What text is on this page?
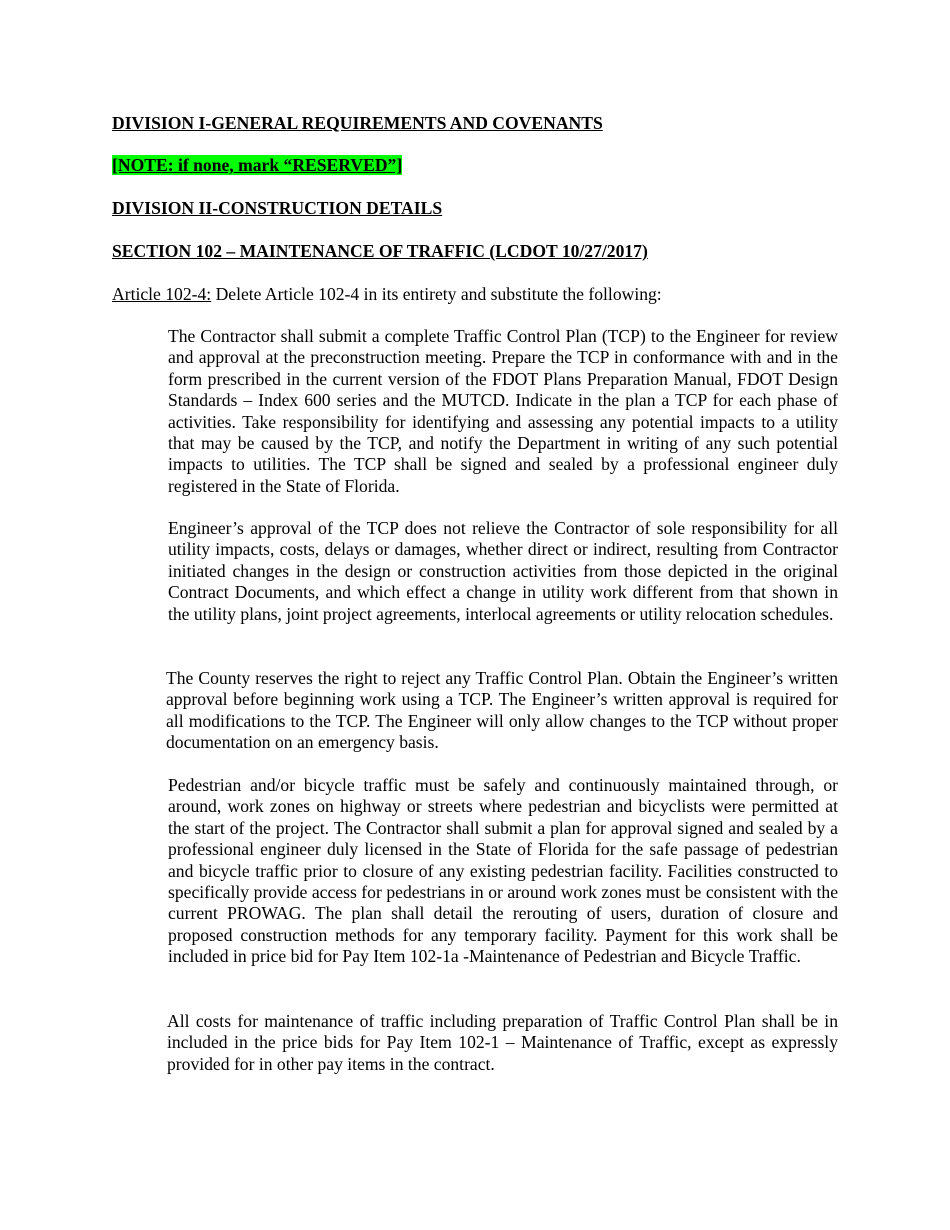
DIVISION I-GENERAL REQUIREMENTS AND COVENANTS

[NOTE: if none, mark “RESERVED”]

DIVISION II-CONSTRUCTION DETAILS

SECTION 102 – MAINTENANCE OF TRAFFIC (LCDOT 10/27/2017)

Article 102-4: Delete Article 102-4 in its entirety and substitute the following:

The Contractor shall submit a complete Traffic Control Plan (TCP) to the Engineer for review and approval at the preconstruction meeting. Prepare the TCP in conformance with and in the form prescribed in the current version of the FDOT Plans Preparation Manual, FDOT Design Standards – Index 600 series and the MUTCD. Indicate in the plan a TCP for each phase of activities. Take responsibility for identifying and assessing any potential impacts to a utility that may be caused by the TCP, and notify the Department in writing of any such potential impacts to utilities. The TCP shall be signed and sealed by a professional engineer duly registered in the State of Florida.

Engineer’s approval of the TCP does not relieve the Contractor of sole responsibility for all utility impacts, costs, delays or damages, whether direct or indirect, resulting from Contractor initiated changes in the design or construction activities from those depicted in the original Contract Documents, and which effect a change in utility work different from that shown in the utility plans, joint project agreements, interlocal agreements or utility relocation schedules.

The County reserves the right to reject any Traffic Control Plan. Obtain the Engineer’s written approval before beginning work using a TCP. The Engineer’s written approval is required for all modifications to the TCP. The Engineer will only allow changes to the TCP without proper documentation on an emergency basis.

Pedestrian and/or bicycle traffic must be safely and continuously maintained through, or around, work zones on highway or streets where pedestrian and bicyclists were permitted at the start of the project. The Contractor shall submit a plan for approval signed and sealed by a professional engineer duly licensed in the State of Florida for the safe passage of pedestrian and bicycle traffic prior to closure of any existing pedestrian facility. Facilities constructed to specifically provide access for pedestrians in or around work zones must be consistent with the current PROWAG. The plan shall detail the rerouting of users, duration of closure and proposed construction methods for any temporary facility. Payment for this work shall be included in price bid for Pay Item 102-1a -Maintenance of Pedestrian and Bicycle Traffic.

All costs for maintenance of traffic including preparation of Traffic Control Plan shall be in included in the price bids for Pay Item 102-1 – Maintenance of Traffic, except as expressly provided for in other pay items in the contract.
